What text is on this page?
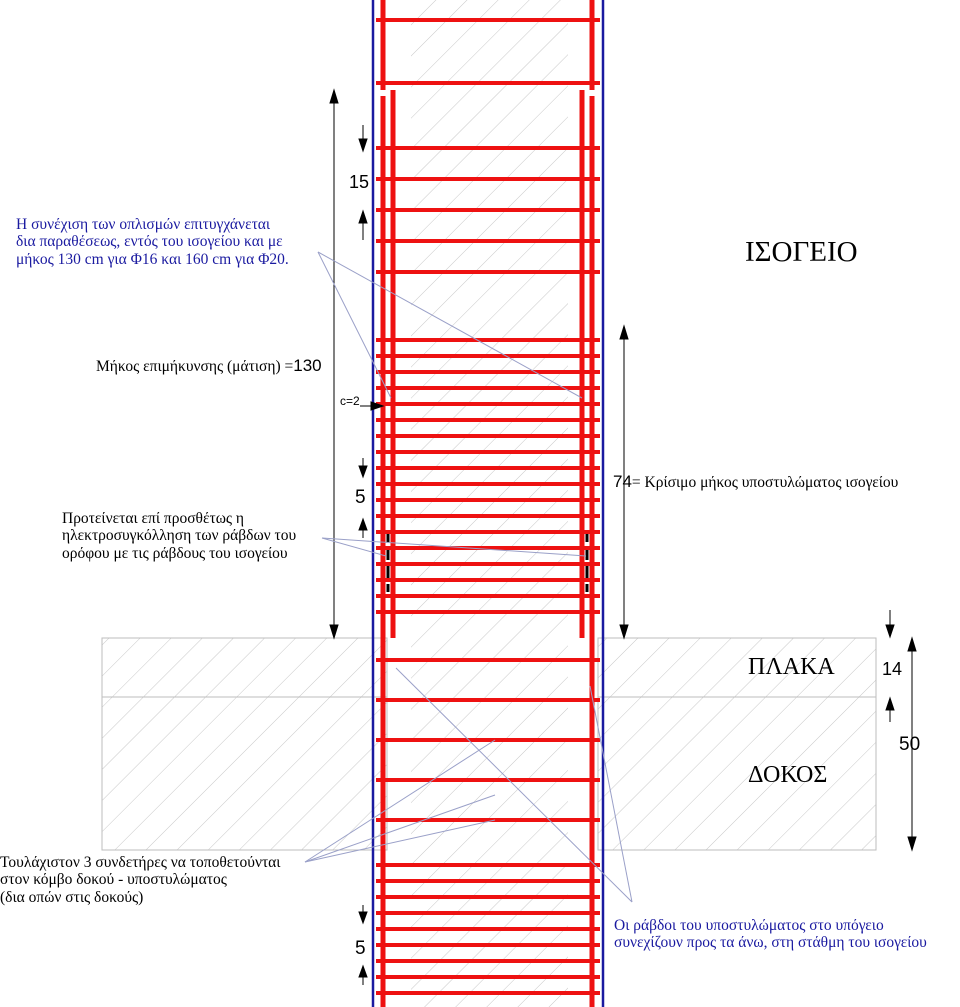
Η συνέχιση των οπλισμών επιτυγχάνεται
δια παραθέσεως, εντός του ισογείου και με
μήκος 130 cm για Φ16 και 160 cm για Φ20.	ΙΣΟΓΕΙΟ
Μήκος επιμήκυνσης (μάτιση) =130
c=2
15
5
5
74= Κρίσιμο μήκος υποστυλώματος ισογείου
Προτείνεται επί προσθέτως η
ηλεκτροσυγκόλληση των ράβδων του
ορόφου με τις ράβδους του ισογείου
ΠΛΑΚΑ	14
ΔΟΚΟΣ
50
Τουλάχιστον 3 συνδετήρες να τοποθετούνται
στον κόμβο δοκού - υποστυλώματος
(δια οπών στις δοκούς)
Οι ράβδοι του υποστυλώματος στο υπόγειο
συνεχίζουν προς τα άνω, στη στάθμη του ισογείου
